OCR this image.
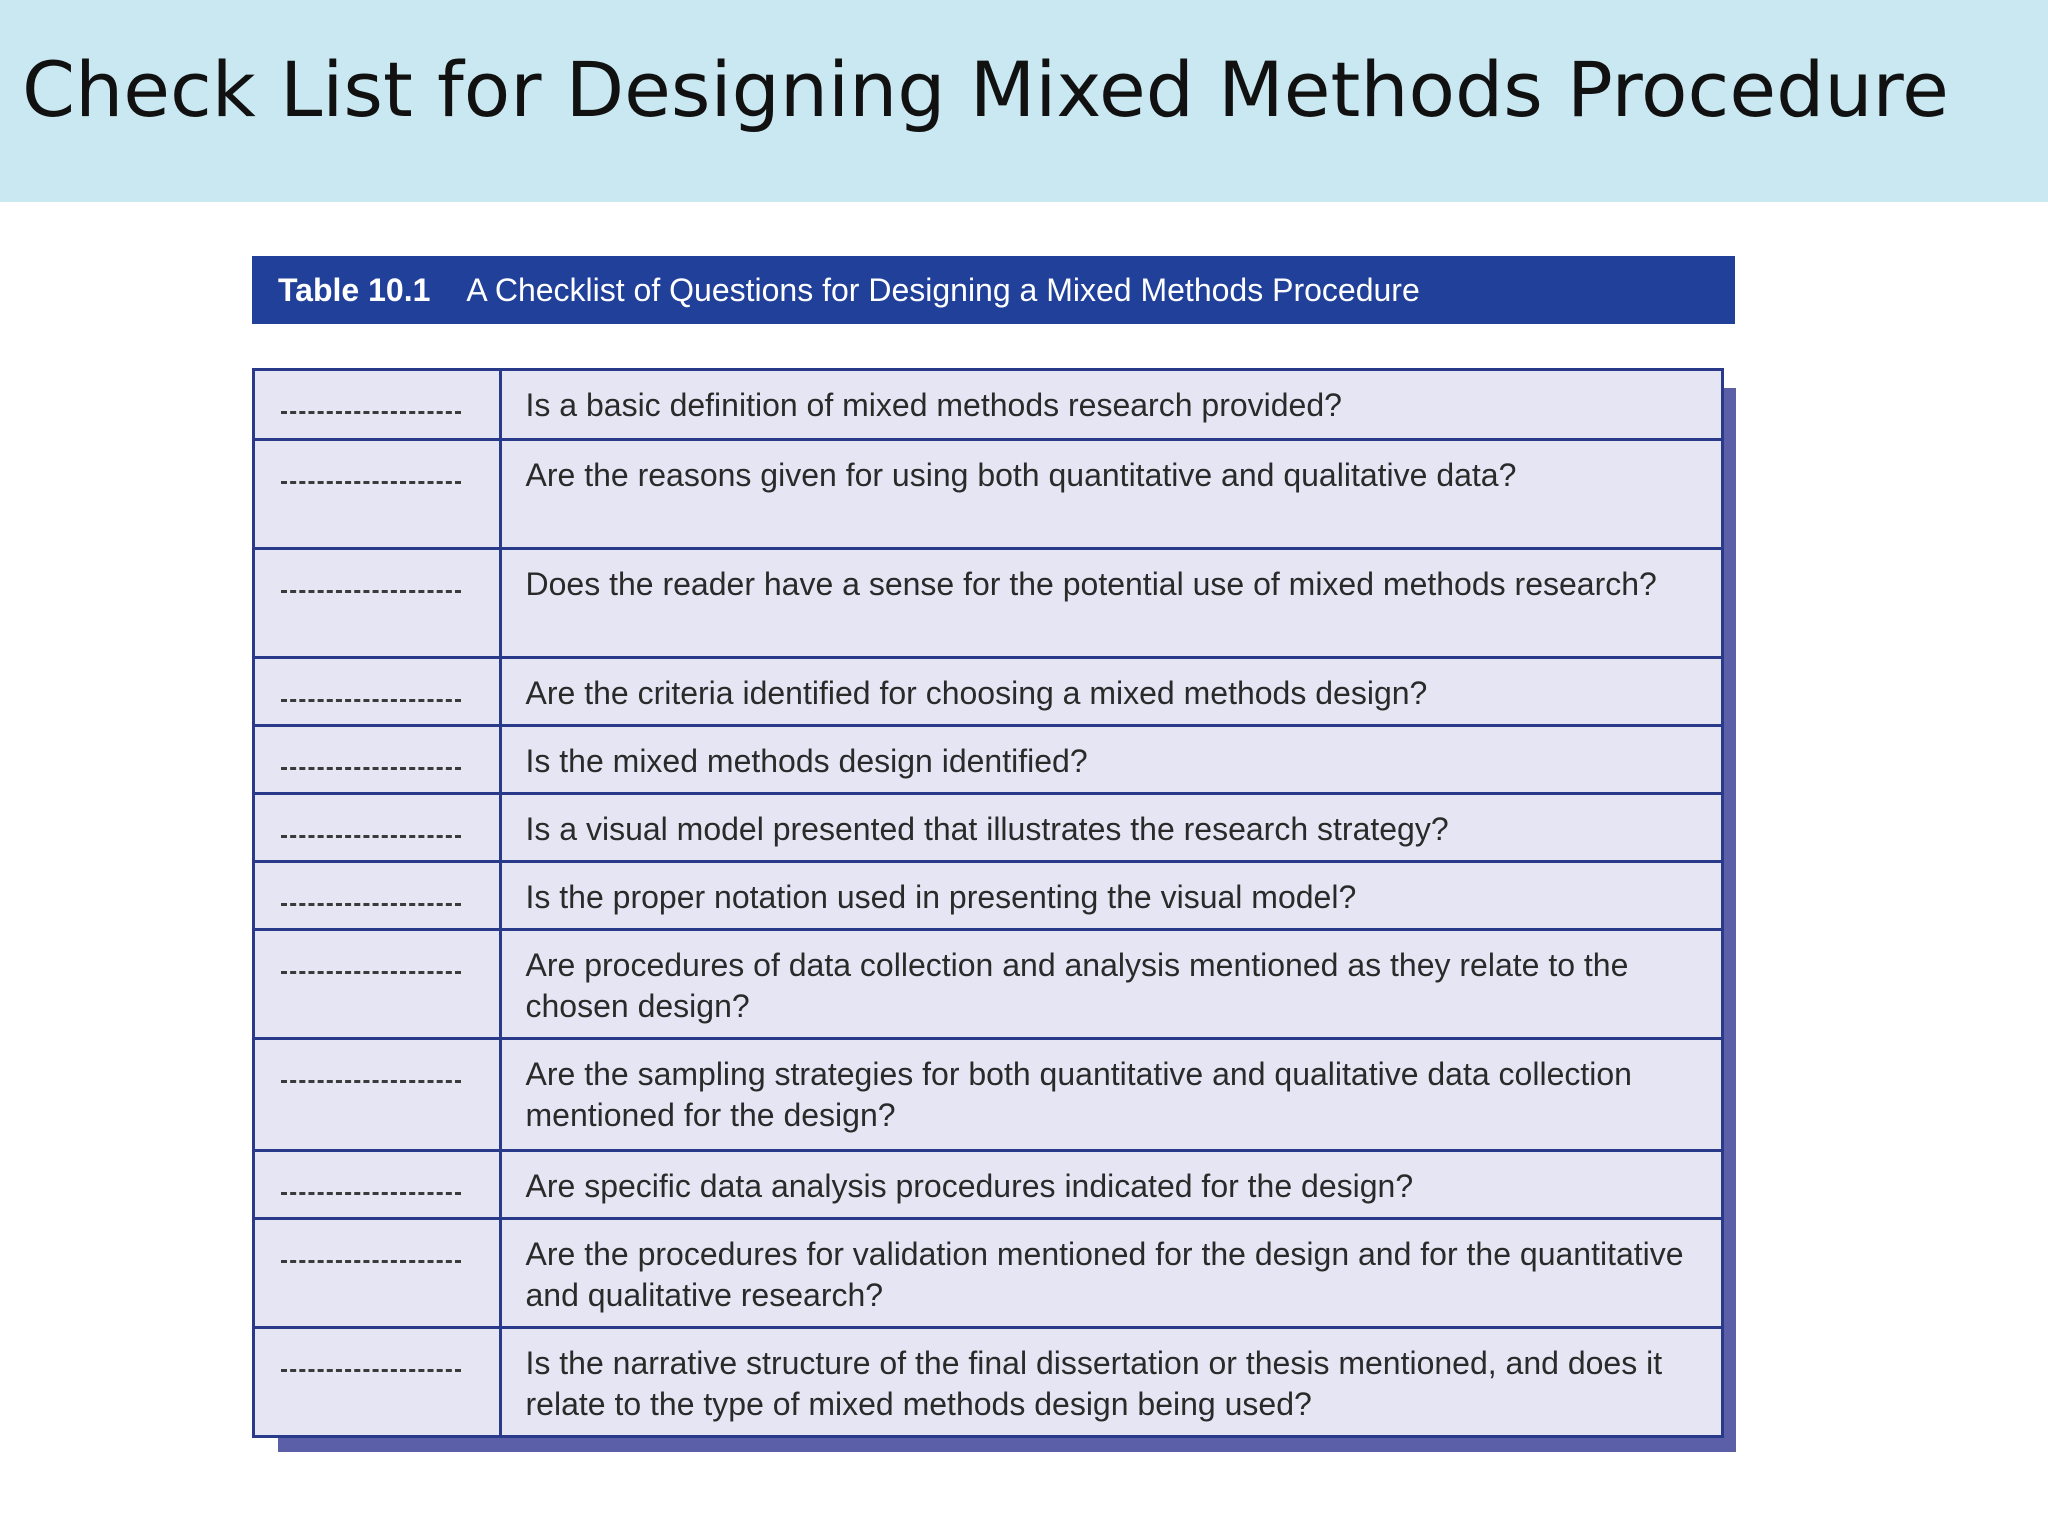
Check List for Designing Mixed Methods Procedure
Table 10.1 A Checklist of Questions for Designing a Mixed Methods Procedure
	Is a basic definition of mixed methods research provided?

	Are the reasons given for using both quantitative and qualitative data?

	Does the reader have a sense for the potential use of mixed methods research?

	Are the criteria identified for choosing a mixed methods design?

	Is the mixed methods design identified?

	Is a visual model presented that illustrates the research strategy?

	Is the proper notation used in presenting the visual model?

	Are procedures of data collection and analysis mentioned as they relate to the chosen design?

	Are the sampling strategies for both quantitative and qualitative data collection mentioned for the design?

	Are specific data analysis procedures indicated for the design?

	Are the procedures for validation mentioned for the design and for the quantitative and qualitative research?

	Is the narrative structure of the final dissertation or thesis mentioned, and does it relate to the type of mixed methods design being used?
